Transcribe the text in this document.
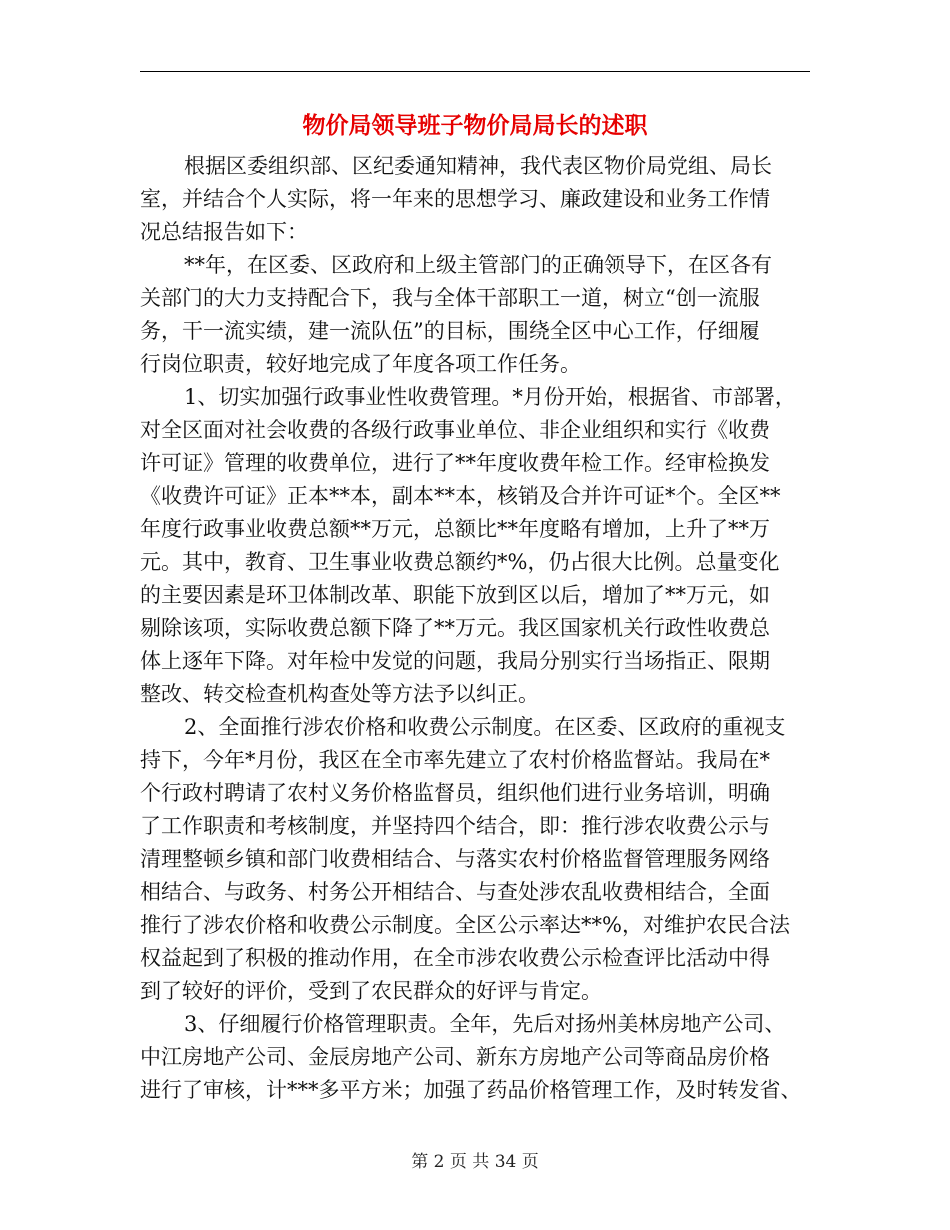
物价局领导班子物价局局长的述职
根据区委组织部、区纪委通知精神，我代表区物价局党组、局长
室，并结合个人实际，将一年来的思想学习、廉政建设和业务工作情
况总结报告如下：
**年，在区委、区政府和上级主管部门的正确领导下，在区各有
关部门的大力支持配合下，我与全体干部职工一道，树立“创一流服
务，干一流实绩，建一流队伍”的目标，围绕全区中心工作，仔细履
行岗位职责，较好地完成了年度各项工作任务。
1、切实加强行政事业性收费管理。*月份开始，根据省、市部署，
对全区面对社会收费的各级行政事业单位、非企业组织和实行《收费
许可证》管理的收费单位，进行了**年度收费年检工作。经审检换发
《收费许可证》正本**本，副本**本，核销及合并许可证*个。全区**
年度行政事业收费总额**万元，总额比**年度略有增加，上升了**万
元。其中，教育、卫生事业收费总额约*%，仍占很大比例。总量变化
的主要因素是环卫体制改革、职能下放到区以后，增加了**万元，如
剔除该项，实际收费总额下降了**万元。我区国家机关行政性收费总
体上逐年下降。对年检中发觉的问题，我局分别实行当场指正、限期
整改、转交检查机构查处等方法予以纠正。
2、全面推行涉农价格和收费公示制度。在区委、区政府的重视支
持下，今年*月份，我区在全市率先建立了农村价格监督站。我局在*
个行政村聘请了农村义务价格监督员，组织他们进行业务培训，明确
了工作职责和考核制度，并坚持四个结合，即：推行涉农收费公示与
清理整顿乡镇和部门收费相结合、与落实农村价格监督管理服务网络
相结合、与政务、村务公开相结合、与查处涉农乱收费相结合，全面
推行了涉农价格和收费公示制度。全区公示率达**%，对维护农民合法
权益起到了积极的推动作用，在全市涉农收费公示检查评比活动中得
到了较好的评价，受到了农民群众的好评与肯定。
3、仔细履行价格管理职责。全年，先后对扬州美林房地产公司、
中江房地产公司、金辰房地产公司、新东方房地产公司等商品房价格
进行了审核，计***多平方米；加强了药品价格管理工作，及时转发省、
第 2 页 共 34 页
